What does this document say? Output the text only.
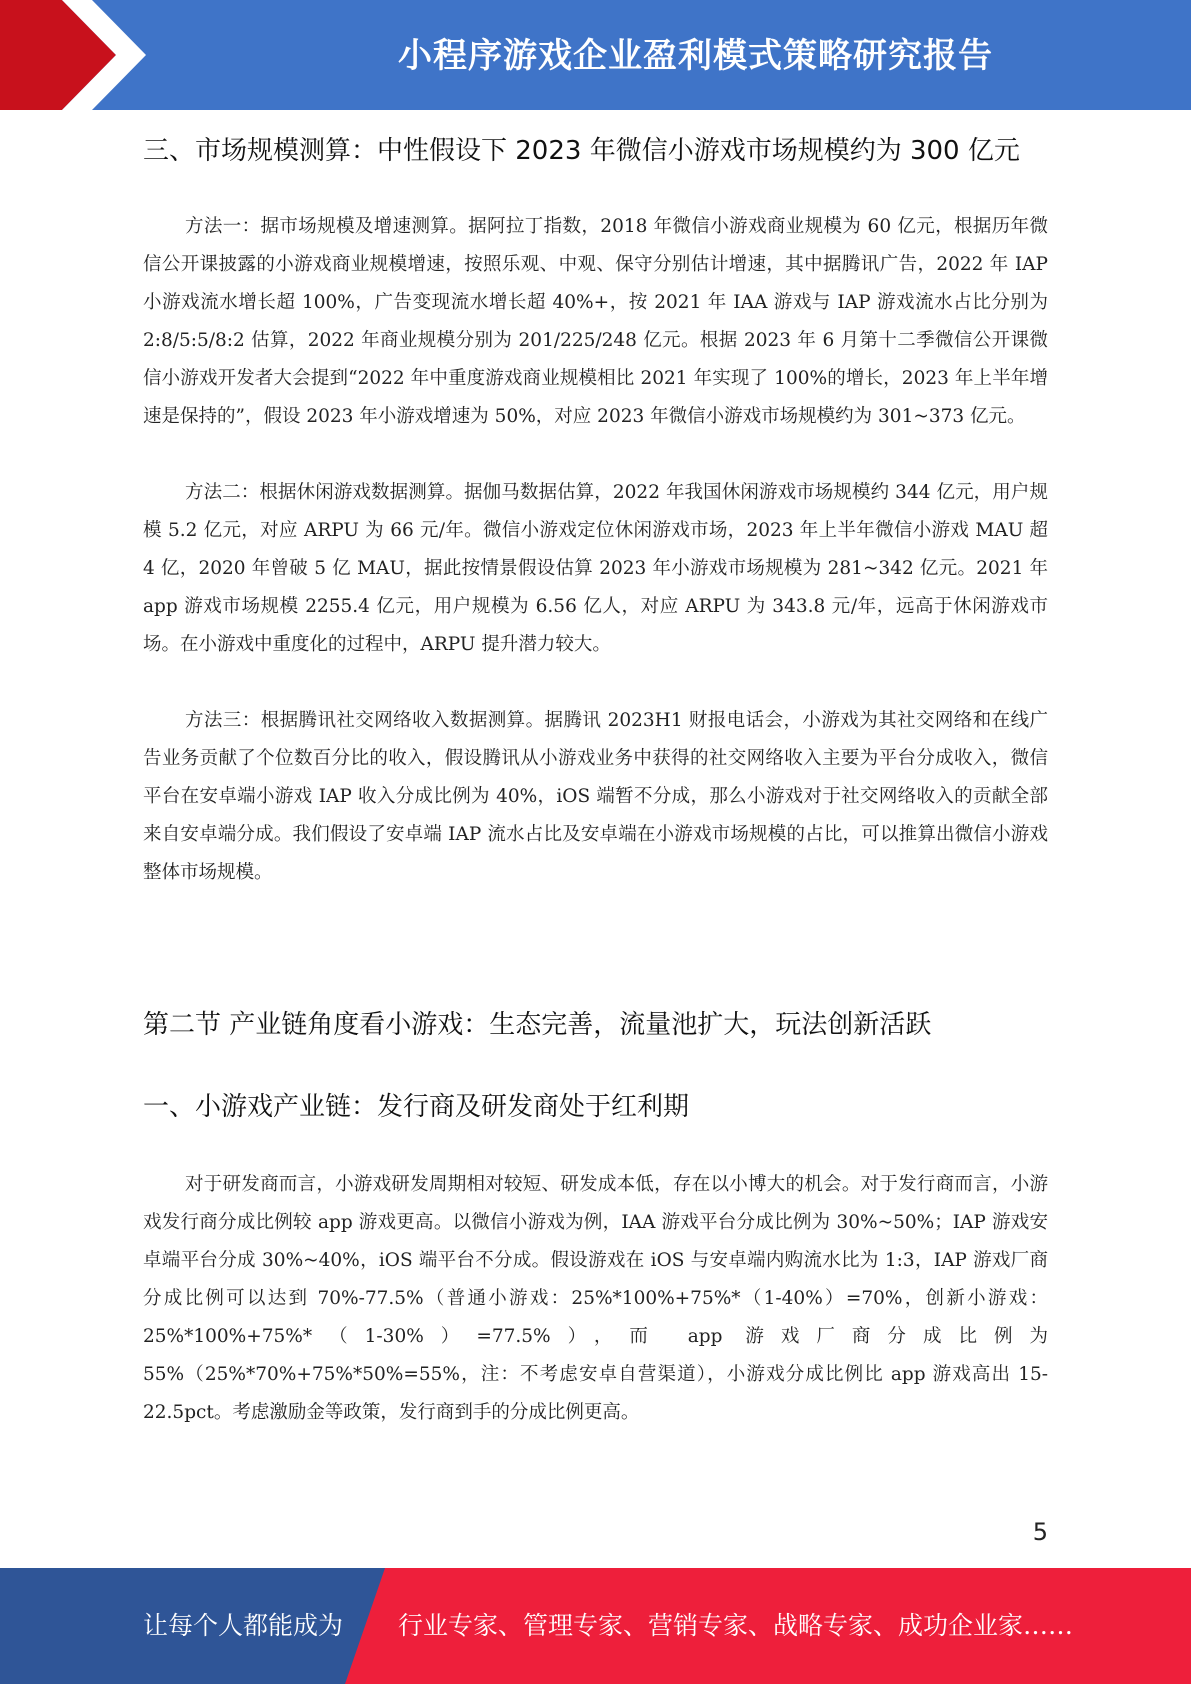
小程序游戏企业盈利模式策略研究报告
三、市场规模测算：中性假设下 2023 年微信小游戏市场规模约为 300 亿元

方法一：据市场规模及增速测算。据阿拉丁指数，2018 年微信小游戏商业规模为 60 亿元，根据历年微信公开课披露的小游戏商业规模增速，按照乐观、中观、保守分别估计增速，其中据腾讯广告，2022 年 IAP 小游戏流水增长超 100%，广告变现流水增长超 40%+，按 2021 年 IAA 游戏与 IAP 游戏流水占比分别为 2:8/5:5/8:2 估算，2022 年商业规模分别为 201/225/248 亿元。根据 2023 年 6 月第十二季微信公开课微信小游戏开发者大会提到“2022 年中重度游戏商业规模相比 2021 年实现了 100%的增长，2023 年上半年增速是保持的”，假设 2023 年小游戏增速为 50%，对应 2023 年微信小游戏市场规模约为 301~373 亿元。

方法二：根据休闲游戏数据测算。据伽马数据估算，2022 年我国休闲游戏市场规模约 344 亿元，用户规模 5.2 亿元，对应 ARPU 为 66 元/年。微信小游戏定位休闲游戏市场，2023 年上半年微信小游戏 MAU 超 4 亿，2020 年曾破 5 亿 MAU，据此按情景假设估算 2023 年小游戏市场规模为 281~342 亿元。2021 年 app 游戏市场规模 2255.4 亿元，用户规模为 6.56 亿人，对应 ARPU 为 343.8 元/年，远高于休闲游戏市场。在小游戏中重度化的过程中，ARPU 提升潜力较大。

方法三：根据腾讯社交网络收入数据测算。据腾讯 2023H1 财报电话会，小游戏为其社交网络和在线广告业务贡献了个位数百分比的收入，假设腾讯从小游戏业务中获得的社交网络收入主要为平台分成收入，微信平台在安卓端小游戏 IAP 收入分成比例为 40%，iOS 端暂不分成，那么小游戏对于社交网络收入的贡献全部来自安卓端分成。我们假设了安卓端 IAP 流水占比及安卓端在小游戏市场规模的占比，可以推算出微信小游戏整体市场规模。

第二节 产业链角度看小游戏：生态完善，流量池扩大，玩法创新活跃
一、小游戏产业链：发行商及研发商处于红利期

对于研发商而言，小游戏研发周期相对较短、研发成本低，存在以小博大的机会。对于发行商而言，小游戏发行商分成比例较 app 游戏更高。以微信小游戏为例，IAA 游戏平台分成比例为 30%~50%；IAP 游戏安卓端平台分成 30%~40%，iOS 端平台不分成。假设游戏在 iOS 与安卓端内购流水比为 1:3，IAP 游戏厂商分成比例可以达到 70%-77.5%（普通小游戏：25%*100%+75%*（1-40%）=70%，创新小游戏：25%*100%+75%*（1-30%）=77.5%），而 app 游戏厂商分成比例为 55%（25%*70%+75%*50%=55%，注：不考虑安卓自营渠道），小游戏分成比例比 app 游戏高出 15-22.5pct。考虑激励金等政策，发行商到手的分成比例更高。

5
让每个人都能成为 行业专家、管理专家、营销专家、战略专家、成功企业家……
